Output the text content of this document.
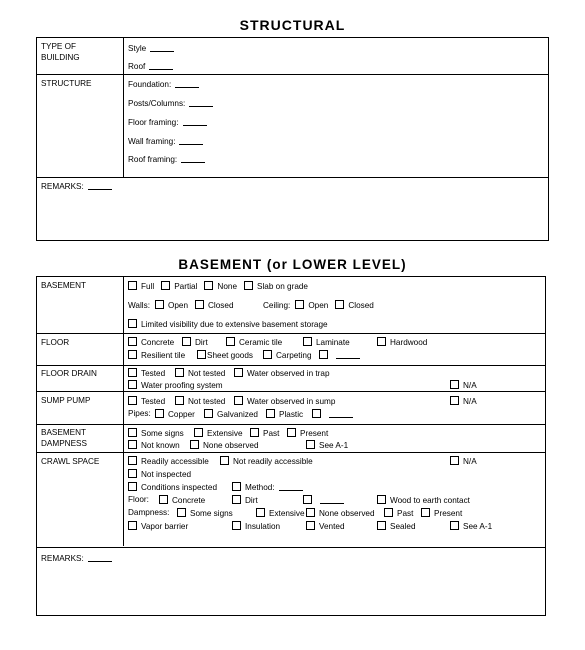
STRUCTURAL
TYPE OF
BUILDING
Style
Roof
STRUCTURE	Foundation:
Posts/Columns:
Floor framing:
Wall framing:
Roof framing:
REMARKS:
BASEMENT (or LOWER LEVEL)
BASEMENT	Full Partial None Slab on grade
Walls: Open Closed	Ceiling: Open Closed
Limited visibility due to extensive basement storage
FLOOR	Concrete	Dirt	Ceramic tile	Laminate	Hardwood
Resilient tile	Sheet goods	Carpeting
FLOOR DRAIN	Tested	Not tested	Water observed in trap
Water proofing system	N/A
SUMP PUMP	Tested	Not tested	Water observed in sump	N/A
Pipes:	Copper	Galvanized	Plastic
BASEMENT
DAMPNESS
Some signs	Extensive	Past	Present
Not known	None observed	See A-1
CRAWL SPACE	Readily accessible	Not readily accessible	N/A
Not inspected
Conditions inspected	Method:
Floor:	Concrete	Dirt	Wood to earth contact
Dampness:	Some signs	Extensive	None observed	Past	Present
Vapor barrier	Insulation	Vented	Sealed	See A-1
REMARKS:
